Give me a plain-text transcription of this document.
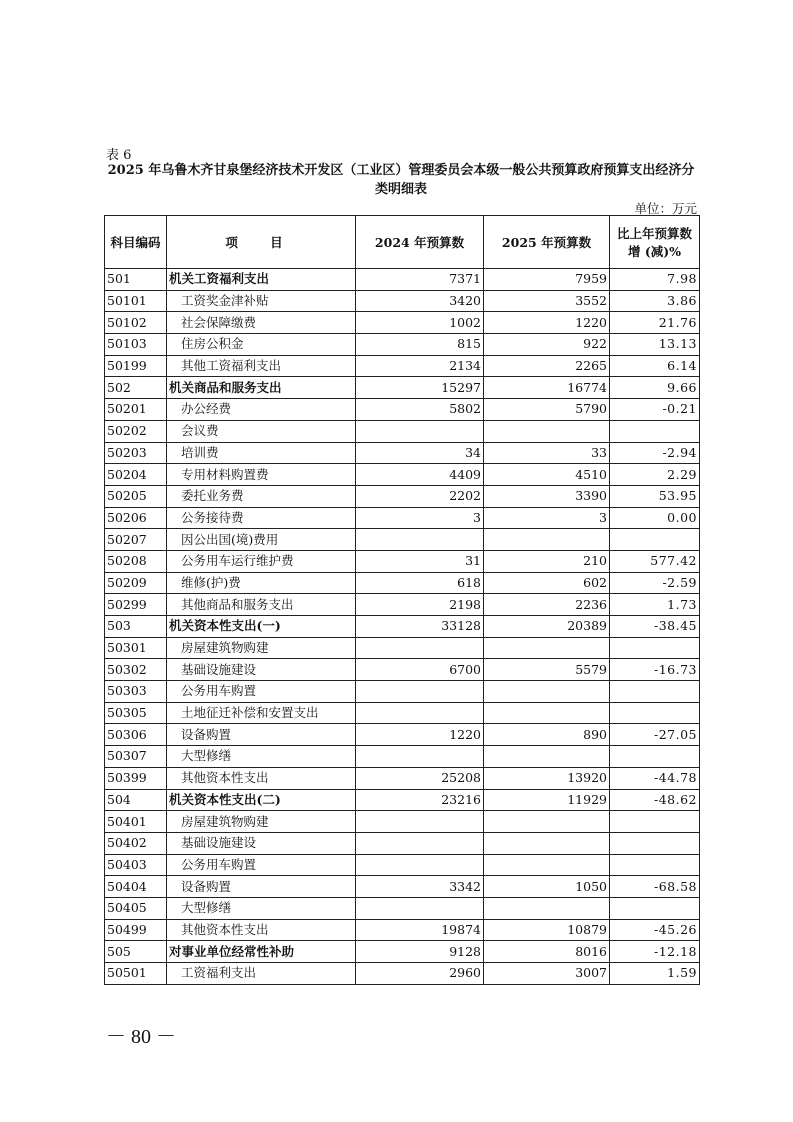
表 6
2025 年乌鲁木齐甘泉堡经济技术开发区（工业区）管理委员会本级一般公共预算政府预算支出经济分类明细表
单位：万元
科目编码	项 目	2024 年预算数	2025 年预算数	比上年预算数增 (减)%
501	机关工资福利支出	7371	7959	7.98
50101	工资奖金津补贴	3420	3552	3.86
50102	社会保障缴费	1002	1220	21.76
50103	住房公积金	815	922	13.13
50199	其他工资福利支出	2134	2265	6.14
502	机关商品和服务支出	15297	16774	9.66
50201	办公经费	5802	5790	-0.21
50202	会议费			
50203	培训费	34	33	-2.94
50204	专用材料购置费	4409	4510	2.29
50205	委托业务费	2202	3390	53.95
50206	公务接待费	3	3	0.00
50207	因公出国(境)费用			
50208	公务用车运行维护费	31	210	577.42
50209	维修(护)费	618	602	-2.59
50299	其他商品和服务支出	2198	2236	1.73
503	机关资本性支出(一)	33128	20389	-38.45
50301	房屋建筑物购建			
50302	基础设施建设	6700	5579	-16.73
50303	公务用车购置			
50305	土地征迁补偿和安置支出			
50306	设备购置	1220	890	-27.05
50307	大型修缮			
50399	其他资本性支出	25208	13920	-44.78
504	机关资本性支出(二)	23216	11929	-48.62
50401	房屋建筑物购建			
50402	基础设施建设			
50403	公务用车购置			
50404	设备购置	3342	1050	-68.58
50405	大型修缮			
50499	其他资本性支出	19874	10879	-45.26
505	对事业单位经常性补助	9128	8016	-12.18
50501	工资福利支出	2960	3007	1.59
－ 80 －
